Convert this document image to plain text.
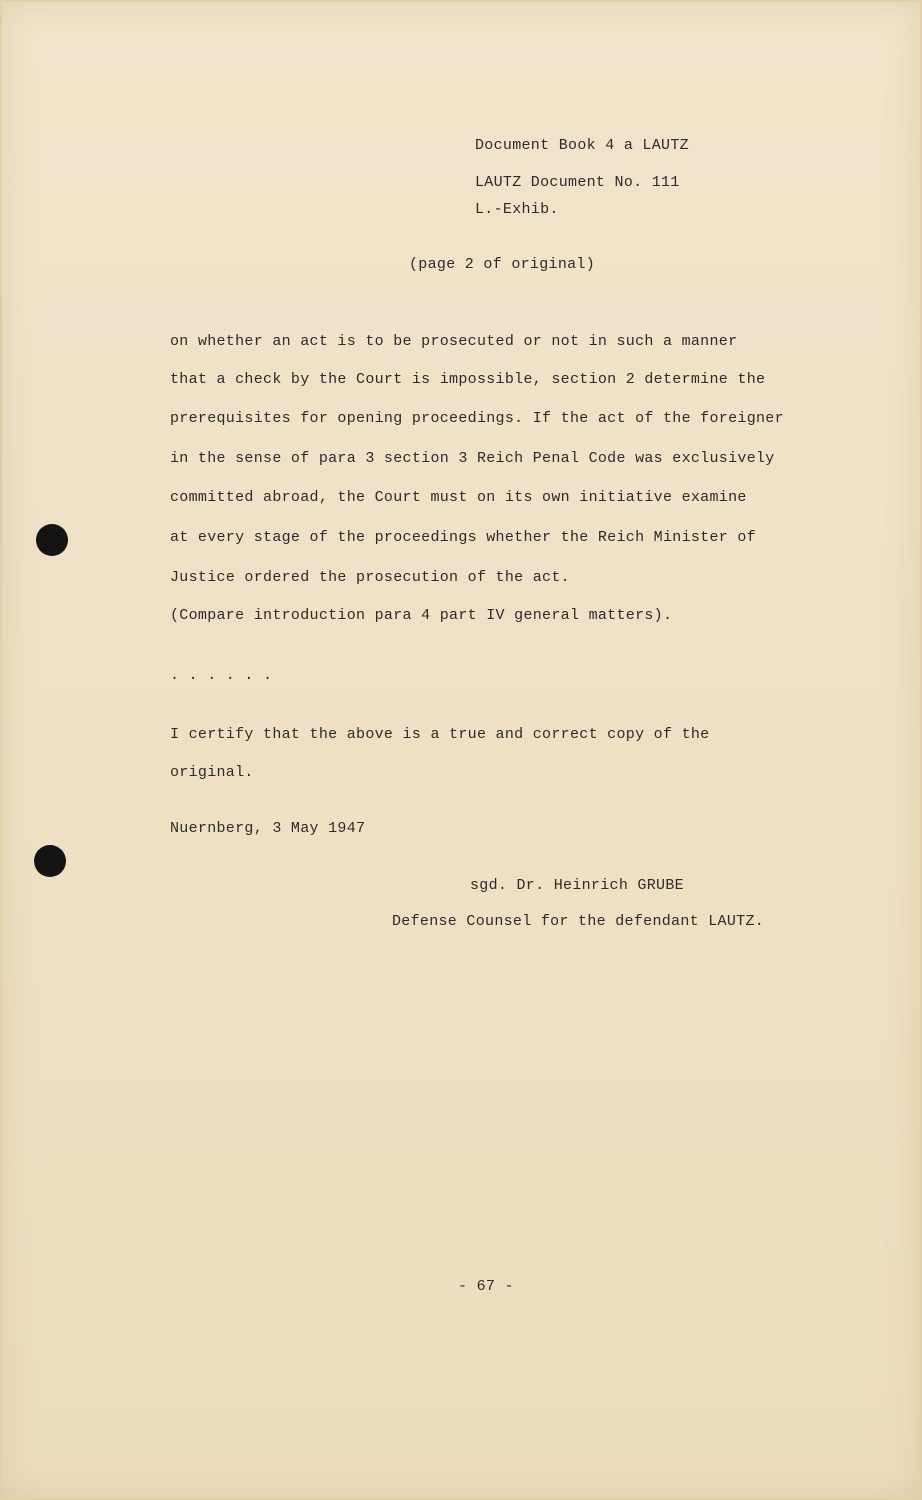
Document Book 4 a LAUTZ
LAUTZ Document No. 111
L.-Exhib.
(page 2 of original)
on whether an act is to be prosecuted or not in such a manner
that a check by the Court is impossible, section 2 determine the
prerequisites for opening proceedings. If the act of the foreigner
in the sense of para 3 section 3 Reich Penal Code was exclusively
committed abroad, the Court must on its own initiative examine
at every stage of the proceedings whether the Reich Minister of
Justice ordered the prosecution of the act.
(Compare introduction para 4 part IV general matters).
. . . . . .
I certify that the above is a true and correct copy of the
original.
Nuernberg, 3 May 1947
sgd. Dr. Heinrich GRUBE
Defense Counsel for the defendant LAUTZ.
- 67 -
